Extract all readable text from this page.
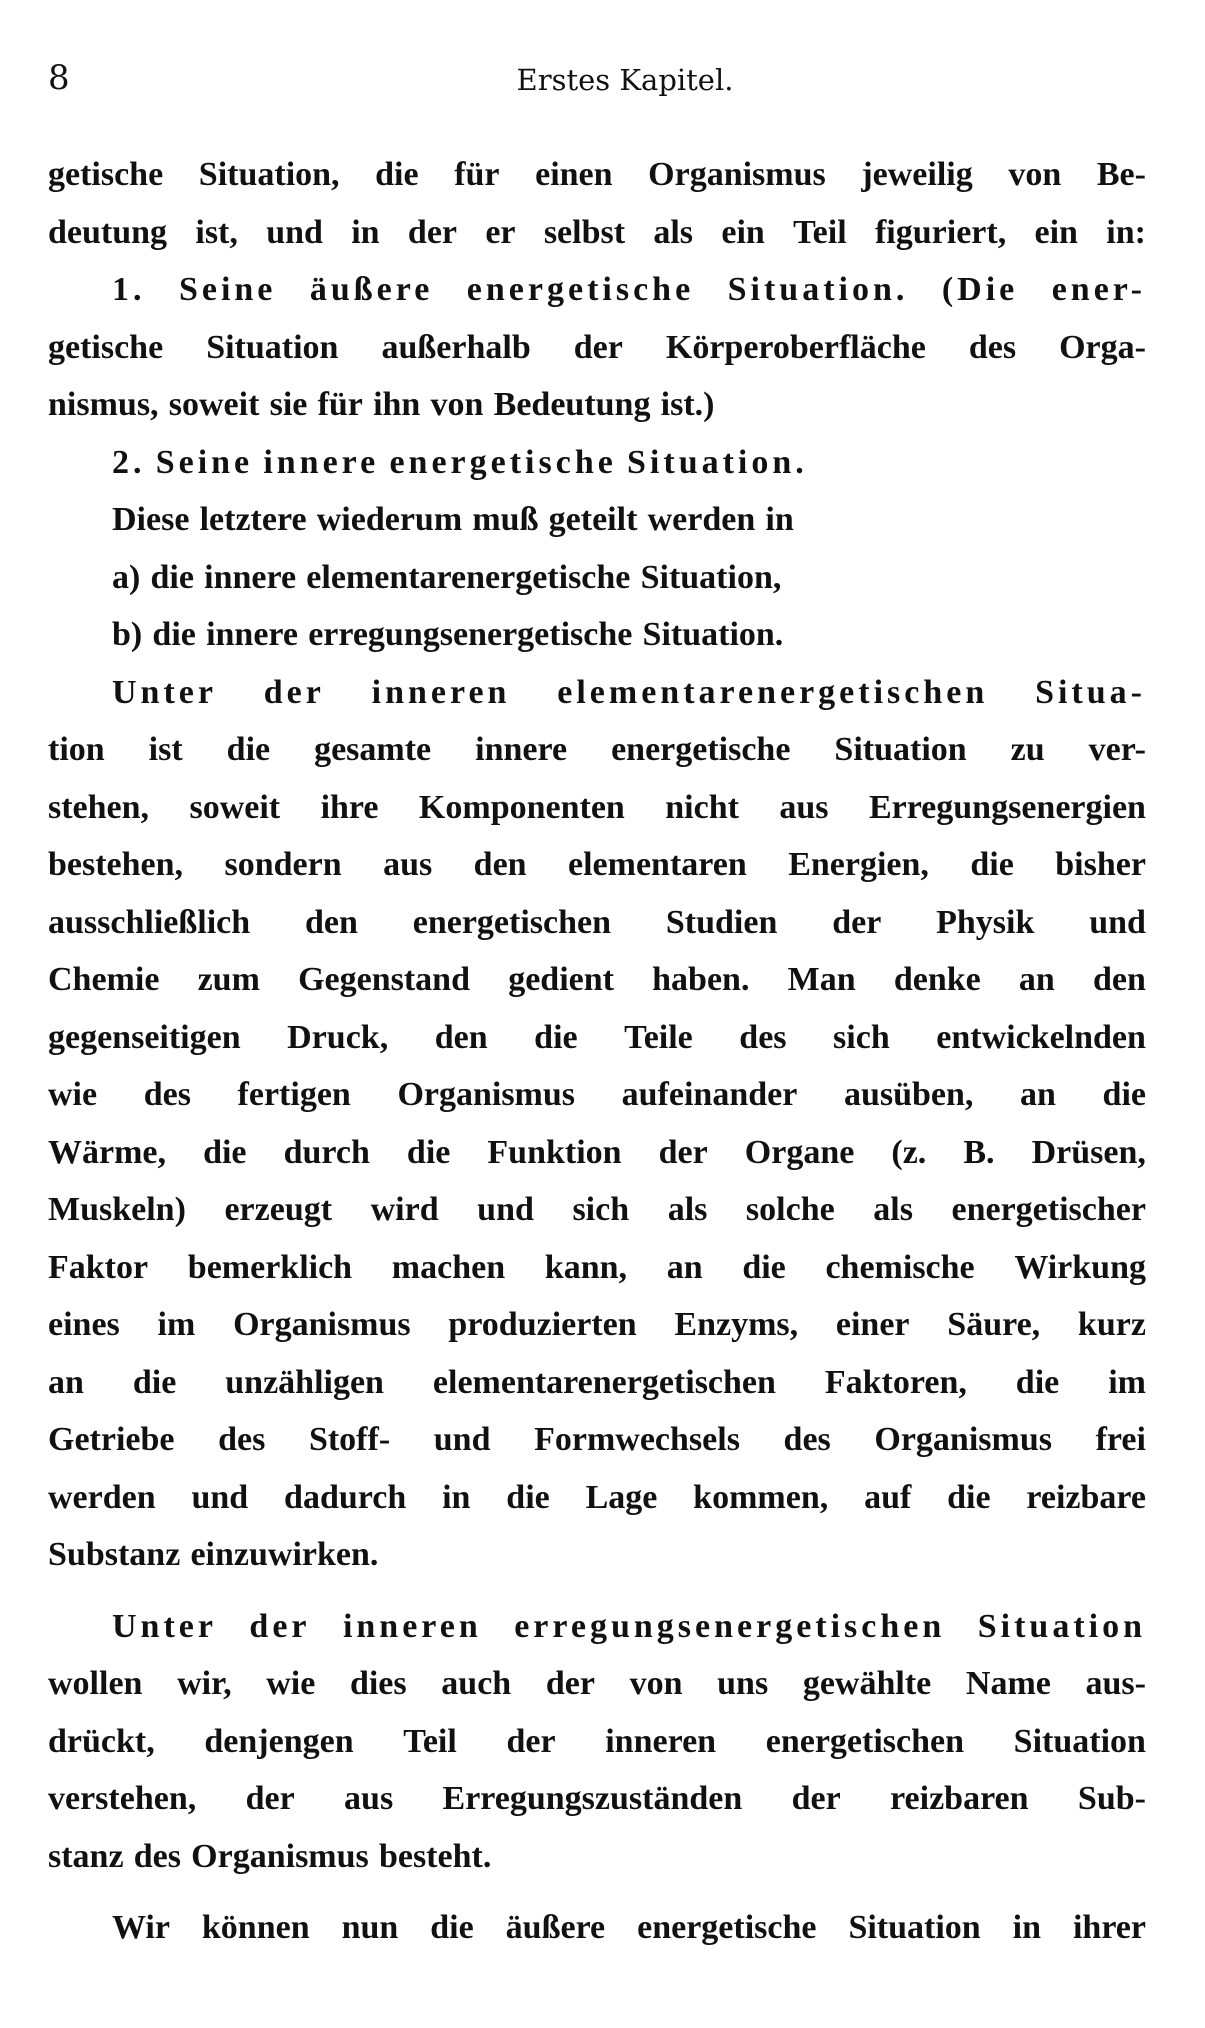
8	Erstes Kapitel.
getische Situation, die für einen Organismus jeweilig von Be-
deutung ist, und in der er selbst als ein Teil figuriert, ein in:
1. Seine äußere energetische Situation. (Die ener-
getische Situation außerhalb der Körperoberfläche des Orga-
nismus, soweit sie für ihn von Bedeutung ist.)
2. Seine innere energetische Situation.
Diese letztere wiederum muß geteilt werden in
a) die innere elementarenergetische Situation,
b) die innere erregungsenergetische Situation.
Unter der inneren elementarenergetischen Situa-
tion ist die gesamte innere energetische Situation zu ver-
stehen, soweit ihre Komponenten nicht aus Erregungsenergien
bestehen, sondern aus den elementaren Energien, die bisher
ausschließlich den energetischen Studien der Physik und
Chemie zum Gegenstand gedient haben. Man denke an den
gegenseitigen Druck, den die Teile des sich entwickelnden
wie des fertigen Organismus aufeinander ausüben, an die
Wärme, die durch die Funktion der Organe (z. B. Drüsen,
Muskeln) erzeugt wird und sich als solche als energetischer
Faktor bemerklich machen kann, an die chemische Wirkung
eines im Organismus produzierten Enzyms, einer Säure, kurz
an die unzähligen elementarenergetischen Faktoren, die im
Getriebe des Stoff- und Formwechsels des Organismus frei
werden und dadurch in die Lage kommen, auf die reizbare
Substanz einzuwirken.
Unter der inneren erregungsenergetischen Situation
wollen wir, wie dies auch der von uns gewählte Name aus-
drückt, denjengen Teil der inneren energetischen Situation
verstehen, der aus Erregungszuständen der reizbaren Sub-
stanz des Organismus besteht.
Wir können nun die äußere energetische Situation in ihrer
